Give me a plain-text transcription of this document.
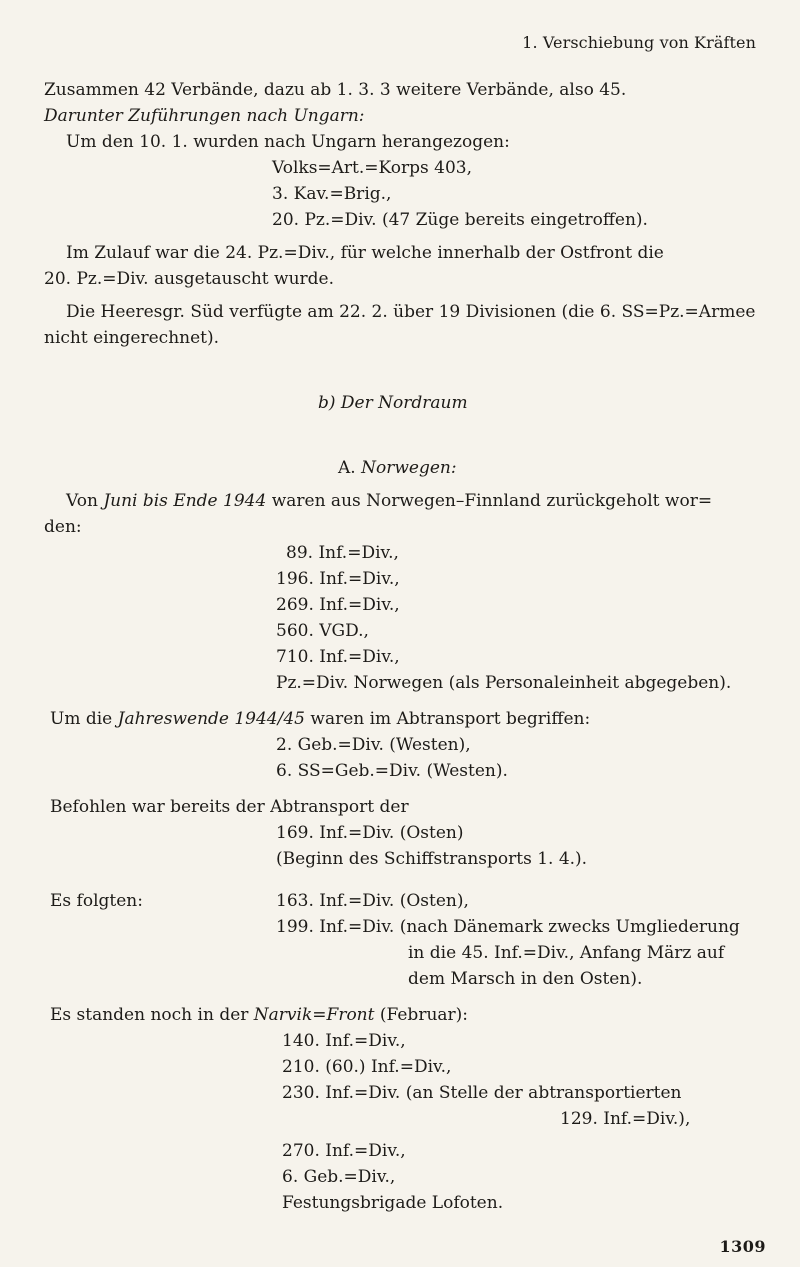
1. Verschiebung von Kräften
Zusammen 42 Verbände, dazu ab 1. 3. 3 weitere Verbände, also 45.
Darunter Zuführungen nach Ungarn:
Um den 10. 1. wurden nach Ungarn herangezogen:
Volks=Art.=Korps 403,
3. Kav.=Brig.,
20. Pz.=Div. (47 Züge bereits eingetroffen).
Im Zulauf war die 24. Pz.=Div., für welche innerhalb der Ostfront die
20. Pz.=Div. ausgetauscht wurde.
Die Heeresgr. Süd verfügte am 22. 2. über 19 Divisionen (die 6. SS=Pz.=Armee
nicht eingerechnet).
b) Der Nordraum
A. Norwegen:
Von Juni bis Ende 1944 waren aus Norwegen–Finnland zurückgeholt wor=
den:
89. Inf.=Div.,
196. Inf.=Div.,
269. Inf.=Div.,
560. VGD.,
710. Inf.=Div.,
Pz.=Div. Norwegen (als Personaleinheit abgegeben).
Um die Jahreswende 1944/45 waren im Abtransport begriffen:
2. Geb.=Div. (Westen),
6. SS=Geb.=Div. (Westen).
Befohlen war bereits der Abtransport der
169. Inf.=Div. (Osten)
(Beginn des Schiffstransports 1. 4.).
Es folgten:	163. Inf.=Div. (Osten),
199. Inf.=Div. (nach Dänemark zwecks Umgliederung
in die 45. Inf.=Div., Anfang März auf
dem Marsch in den Osten).
Es standen noch in der Narvik=Front (Februar):
140. Inf.=Div.,
210. (60.) Inf.=Div.,
230. Inf.=Div. (an Stelle der abtransportierten
129. Inf.=Div.),
270. Inf.=Div.,
6. Geb.=Div.,
Festungsbrigade Lofoten.
1309
